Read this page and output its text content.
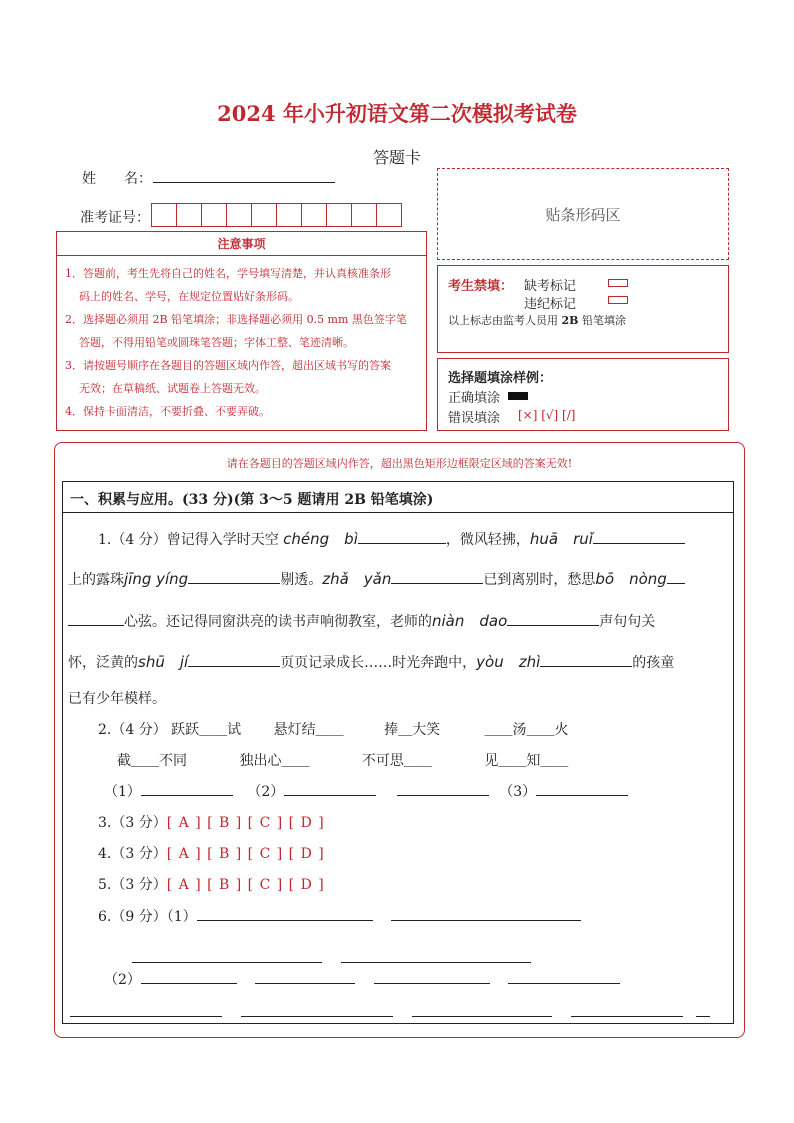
2024 年小升初语文第二次模拟考试卷
答题卡
姓　　名：
准考证号：	贴条形码区
注意事项

1．答题前，考生先将自己的姓名，学号填写清楚，并认真核准条形

码上的姓名、学号，在规定位置贴好条形码。

2．选择题必须用 2B 铅笔填涂；非选择题必须用 0.5 mm 黑色签字笔

答题，不得用铅笔或圆珠笔答题；字体工整、笔迹清晰。

3．请按题号顺序在各题目的答题区域内作答，超出区域书写的答案

无效；在草稿纸、试题卷上答题无效。

4．保持卡面清洁，不要折叠、不要弄破。

考生禁填： 缺考标记
违纪标记
以上标志由监考人员用 2B 铅笔填涂
选择题填涂样例：
正确填涂
错误填涂 [×] [√] [/]
请在各题目的答题区域内作答，超出黑色矩形边框限定区域的答案无效!
一、积累与应用。(33 分)(第 3～5 题请用 2B 铅笔填涂)
1.（4 分）曾记得入学时天空 chéng　bì	，微风轻拂，huā　ruǐ
上的露珠jīng yíng	剔透。zhǎ　yǎn	已到离别时，愁思bō　nòng
心弦。还记得同窗洪亮的读书声响彻教室，老师的niàn　dao	声句句关
怀，泛黄的shū　jí	页页记录成长……时光奔跑中，yòu　zhì	的孩童
已有少年模样。
2.（4 分） 跃跃＿＿试 悬灯结＿＿	捧＿大笑	＿＿汤＿＿火
截＿＿不同	独出心＿＿	不可思＿＿	见＿＿知＿＿
（1）	（2）	（3）
3.（3 分）[ A ] [ B ] [ C ] [ D ]
4.（3 分）[ A ] [ B ] [ C ] [ D ]
5.（3 分）[ A ] [ B ] [ C ] [ D ]
6.（9 分）（1）

（2）
